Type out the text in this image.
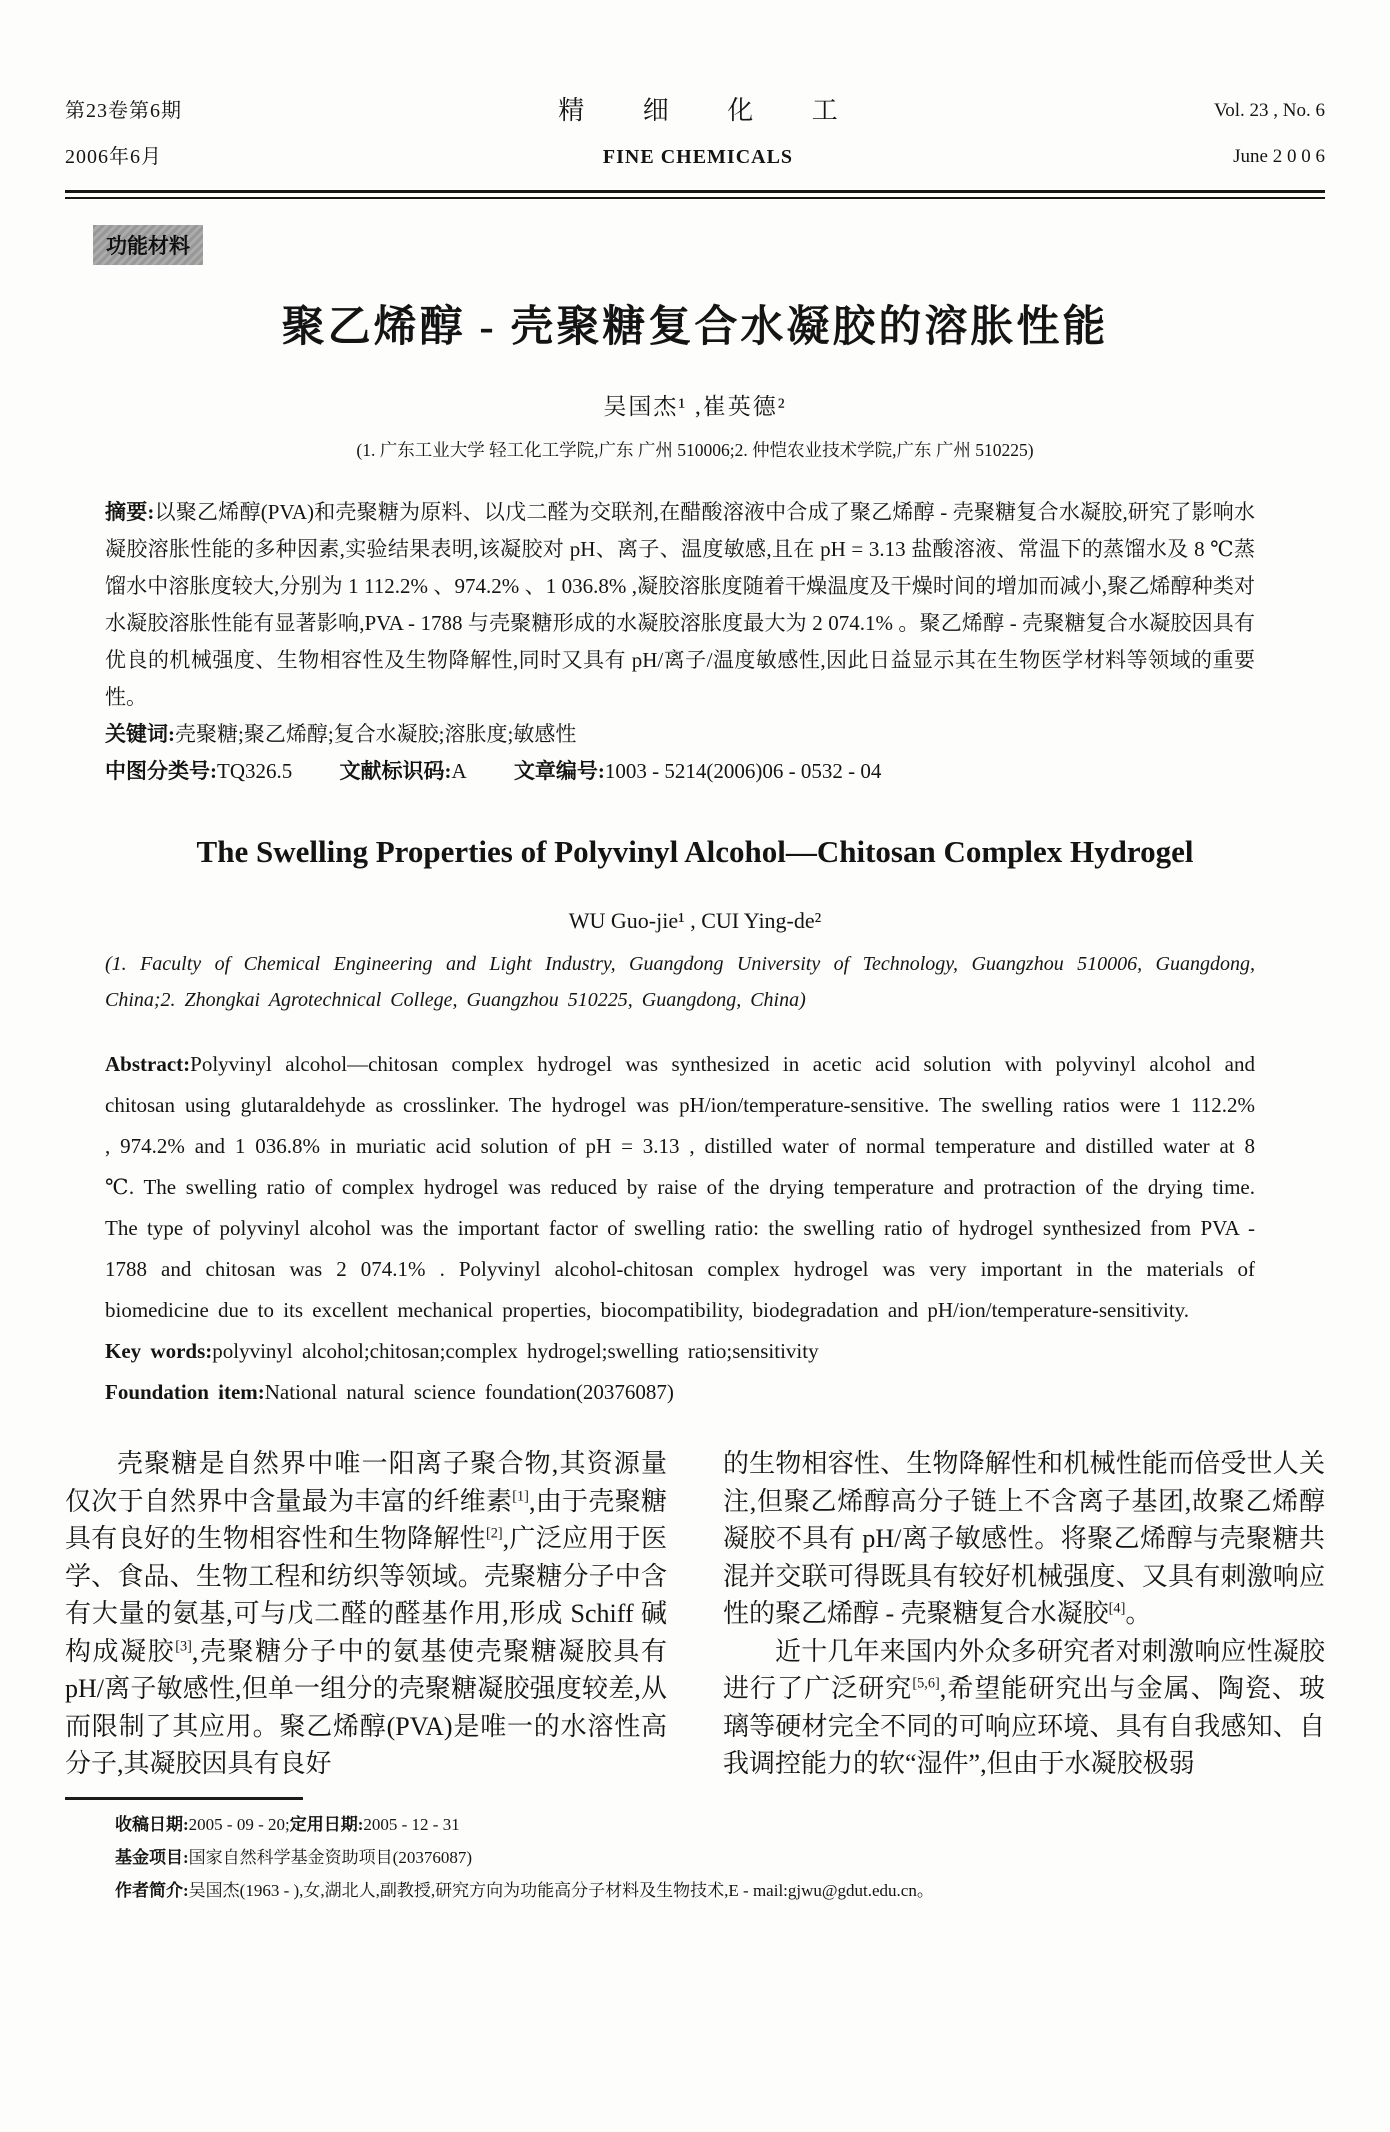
第23卷第6期
2006年6月
精 细 化 工
FINE CHEMICALS
Vol. 23 , No. 6
June 2 0 0 6
功能材料
聚乙烯醇 - 壳聚糖复合水凝胶的溶胀性能
吴国杰¹ ,崔英德²
(1. 广东工业大学 轻工化工学院,广东 广州 510006;2. 仲恺农业技术学院,广东 广州 510225)

摘要:以聚乙烯醇(PVA)和壳聚糖为原料、以戊二醛为交联剂,在醋酸溶液中合成了聚乙烯醇 - 壳聚糖复合水凝胶,研究了影响水凝胶溶胀性能的多种因素,实验结果表明,该凝胶对 pH、离子、温度敏感,且在 pH = 3.13 盐酸溶液、常温下的蒸馏水及 8 ℃蒸馏水中溶胀度较大,分别为 1 112.2% 、974.2% 、1 036.8% ,凝胶溶胀度随着干燥温度及干燥时间的增加而减小,聚乙烯醇种类对水凝胶溶胀性能有显著影响,PVA - 1788 与壳聚糖形成的水凝胶溶胀度最大为 2 074.1% 。聚乙烯醇 - 壳聚糖复合水凝胶因具有优良的机械强度、生物相容性及生物降解性,同时又具有 pH/离子/温度敏感性,因此日益显示其在生物医学材料等领域的重要性。

关键词:壳聚糖;聚乙烯醇;复合水凝胶;溶胀度;敏感性

中图分类号:TQ326.5 文献标识码:A 文章编号:1003 - 5214(2006)06 - 0532 - 04

The Swelling Properties of Polyvinyl Alcohol—Chitosan Complex Hydrogel
WU Guo-jie¹ , CUI Ying-de²
(1. Faculty of Chemical Engineering and Light Industry, Guangdong University of Technology, Guangzhou 510006, Guangdong, China;2. Zhongkai Agrotechnical College, Guangzhou 510225, Guangdong, China)

Abstract:Polyvinyl alcohol—chitosan complex hydrogel was synthesized in acetic acid solution with polyvinyl alcohol and chitosan using glutaraldehyde as crosslinker. The hydrogel was pH/ion/temperature-sensitive. The swelling ratios were 1 112.2% , 974.2% and 1 036.8% in muriatic acid solution of pH = 3.13 , distilled water of normal temperature and distilled water at 8 ℃. The swelling ratio of complex hydrogel was reduced by raise of the drying temperature and protraction of the drying time. The type of polyvinyl alcohol was the important factor of swelling ratio: the swelling ratio of hydrogel synthesized from PVA - 1788 and chitosan was 2 074.1% . Polyvinyl alcohol-chitosan complex hydrogel was very important in the materials of biomedicine due to its excellent mechanical properties, biocompatibility, biodegradation and pH/ion/temperature-sensitivity.

Key words:polyvinyl alcohol;chitosan;complex hydrogel;swelling ratio;sensitivity

Foundation item:National natural science foundation(20376087)

壳聚糖是自然界中唯一阳离子聚合物,其资源量仅次于自然界中含量最为丰富的纤维素[1],由于壳聚糖具有良好的生物相容性和生物降解性[2],广泛应用于医学、食品、生物工程和纺织等领域。壳聚糖分子中含有大量的氨基,可与戊二醛的醛基作用,形成 Schiff 碱构成凝胶[3],壳聚糖分子中的氨基使壳聚糖凝胶具有 pH/离子敏感性,但单一组分的壳聚糖凝胶强度较差,从而限制了其应用。聚乙烯醇(PVA)是唯一的水溶性高分子,其凝胶因具有良好

的生物相容性、生物降解性和机械性能而倍受世人关注,但聚乙烯醇高分子链上不含离子基团,故聚乙烯醇凝胶不具有 pH/离子敏感性。将聚乙烯醇与壳聚糖共混并交联可得既具有较好机械强度、又具有刺激响应性的聚乙烯醇 - 壳聚糖复合水凝胶[4]。

近十几年来国内外众多研究者对刺激响应性凝胶进行了广泛研究[5,6],希望能研究出与金属、陶瓷、玻璃等硬材完全不同的可响应环境、具有自我感知、自我调控能力的软“湿件”,但由于水凝胶极弱

收稿日期:2005 - 09 - 20;定用日期:2005 - 12 - 31

基金项目:国家自然科学基金资助项目(20376087)

作者简介:吴国杰(1963 - ),女,湖北人,副教授,研究方向为功能高分子材料及生物技术,E - mail:gjwu@gdut.edu.cn。
